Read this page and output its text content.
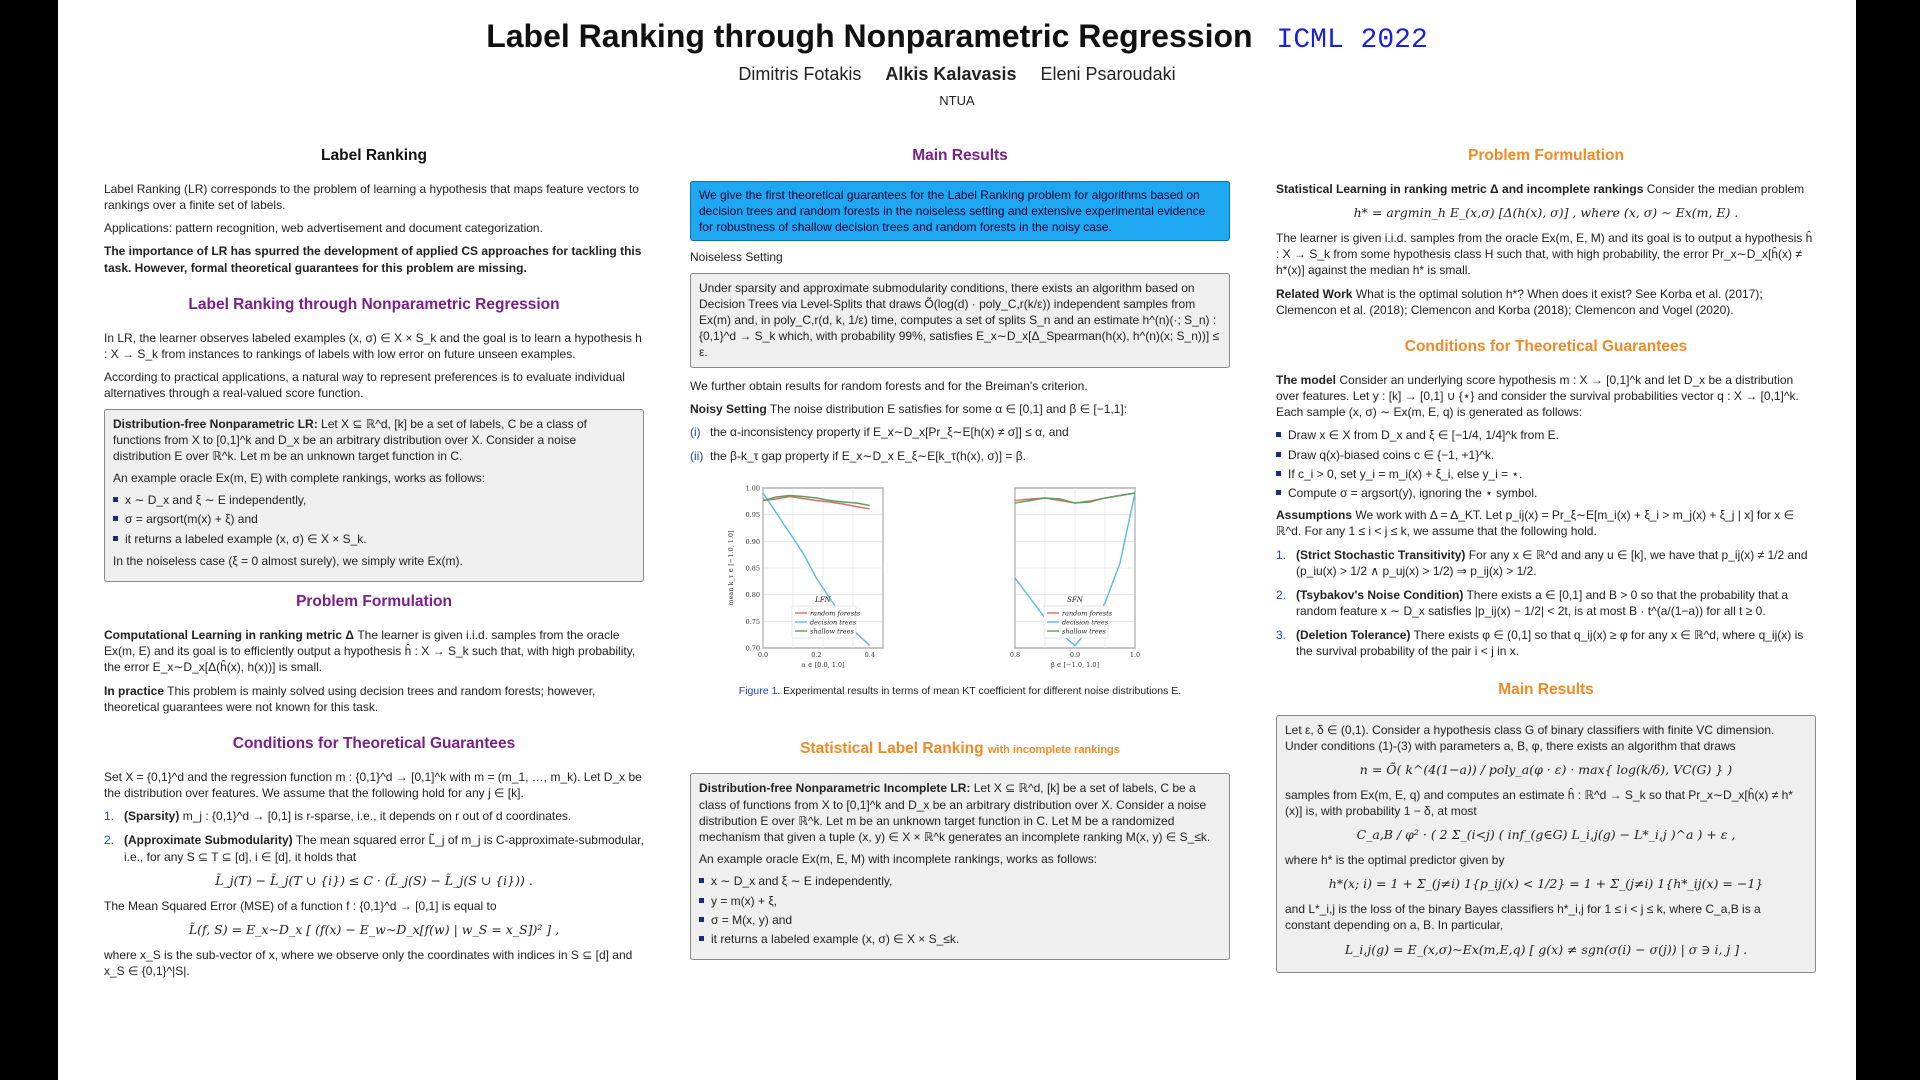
Label Ranking through Nonparametric Regression ICML 2022
Dimitris Fotakis Alkis Kalavasis Eleni Psaroudaki
NTUA
Label Ranking

Label Ranking (LR) corresponds to the problem of learning a hypothesis that maps feature vectors to rankings over a finite set of labels.

Applications: pattern recognition, web advertisement and document categorization.

The importance of LR has spurred the development of applied CS approaches for tackling this task. However, formal theoretical guarantees for this problem are missing.

Label Ranking through Nonparametric Regression

In LR, the learner observes labeled examples (x, σ) ∈ X × S_k and the goal is to learn a hypothesis h : X → S_k from instances to rankings of labels with low error on future unseen examples.

According to practical applications, a natural way to represent preferences is to evaluate individual alternatives through a real-valued score function.

Distribution-free Nonparametric LR: Let X ⊆ ℝ^d, [k] be a set of labels, C be a class of functions from X to [0,1]^k and D_x be an arbitrary distribution over X. Consider a noise distribution E over ℝ^k. Let m be an unknown target function in C.

An example oracle Ex(m, E) with complete rankings, works as follows:

x ∼ D_x and ξ ∼ E independently,
σ = argsort(m(x) + ξ) and
it returns a labeled example (x, σ) ∈ X × S_k.

In the noiseless case (ξ = 0 almost surely), we simply write Ex(m).

Problem Formulation

Computational Learning in ranking metric Δ The learner is given i.i.d. samples from the oracle Ex(m, E) and its goal is to efficiently output a hypothesis ĥ : X → S_k such that, with high probability, the error E_x∼D_x[Δ(ĥ(x), h(x))] is small.

In practice This problem is mainly solved using decision trees and random forests; however, theoretical guarantees were not known for this task.

Conditions for Theoretical Guarantees

Set X = {0,1}^d and the regression function m : {0,1}^d → [0,1]^k with m = (m_1, …, m_k). Let D_x be the distribution over features. We assume that the following hold for any j ∈ [k].

1. (Sparsity) m_j : {0,1}^d → [0,1] is r-sparse, i.e., it depends on r out of d coordinates.
2. (Approximate Submodularity) The mean squared error L̃_j of m_j is C-approximate-submodular, i.e., for any S ⊆ T ⊆ [d], i ∈ [d], it holds that
L̃_j(T) − L̃_j(T ∪ {i}) ≤ C · (L̃_j(S) − L̃_j(S ∪ {i})) .

The Mean Squared Error (MSE) of a function f : {0,1}^d → [0,1] is equal to

L̃(f, S) = E_x∼D_x [ (f(x) − E_w∼D_x[f(w) | w_S = x_S])² ] ,

where x_S is the sub-vector of x, where we observe only the coordinates with indices in S ⊆ [d] and x_S ∈ {0,1}^|S|.

Main Results
We give the first theoretical guarantees for the Label Ranking problem for algorithms based on decision trees and random forests in the noiseless setting and extensive experimental evidence for robustness of shallow decision trees and random forests in the noisy case.

Noiseless Setting

Under sparsity and approximate submodularity conditions, there exists an algorithm based on Decision Trees via Level-Splits that draws Õ(log(d) · poly_C,r(k/ε)) independent samples from Ex(m) and, in poly_C,r(d, k, 1/ε) time, computes a set of splits S_n and an estimate h^(n)(·; S_n) : {0,1}^d → S_k which, with probability 99%, satisfies E_x∼D_x[Δ_Spearman(h(x), h^(n)(x; S_n))] ≤ ε.

We further obtain results for random forests and for the Breiman's criterion.

Noisy Setting The noise distribution E satisfies for some α ∈ [0,1] and β ∈ [−1,1]:

(i) the α-inconsistency property if E_x∼D_x[Pr_ξ∼E[h(x) ≠ σ]] ≤ α, and
(ii) the β-k_τ gap property if E_x∼D_x E_ξ∼E[k_τ(h(x), σ)] = β.
1.00
0.95
0.90
0.85
0.80
0.75
0.70
0.0	0.2	0.4
α ∈ [0.0, 1.0]
mean k_τ ∈ [−1.0, 1.0]	LFN
random forests
decision trees
shallow trees
0.8	0.9	1.0
β ∈ [−1.0, 1.0]
SFN
random forests
decision trees
shallow trees
Figure 1. Experimental results in terms of mean KT coefficient for different noise distributions E.
Statistical Label Ranking with incomplete rankings

Distribution-free Nonparametric Incomplete LR: Let X ⊆ ℝ^d, [k] be a set of labels, C be a class of functions from X to [0,1]^k and D_x be an arbitrary distribution over X. Consider a noise distribution E over ℝ^k. Let m be an unknown target function in C. Let M be a randomized mechanism that given a tuple (x, y) ∈ X × ℝ^k generates an incomplete ranking M(x, y) ∈ S_≤k.

An example oracle Ex(m, E, M) with incomplete rankings, works as follows:

x ∼ D_x and ξ ∼ E independently,
y = m(x) + ξ,
σ = M(x, y) and
it returns a labeled example (x, σ) ∈ X × S_≤k.
Problem Formulation

Statistical Learning in ranking metric Δ and incomplete rankings Consider the median problem

h* = argmin_h E_(x,σ) [Δ(h(x), σ)] , where (x, σ) ∼ Ex(m, E) .

The learner is given i.i.d. samples from the oracle Ex(m, E, M) and its goal is to output a hypothesis ĥ : X → S_k from some hypothesis class H such that, with high probability, the error Pr_x∼D_x[ĥ(x) ≠ h*(x)] against the median h* is small.

Related Work What is the optimal solution h*? When does it exist? See Korba et al. (2017); Clemencon et al. (2018); Clemencon and Korba (2018); Clemencon and Vogel (2020).

Conditions for Theoretical Guarantees

The model Consider an underlying score hypothesis m : X → [0,1]^k and let D_x be a distribution over features. Let y : [k] → [0,1] ∪ {⋆} and consider the survival probabilities vector q : X → [0,1]^k. Each sample (x, σ) ∼ Ex(m, E, q) is generated as follows:

Draw x ∈ X from D_x and ξ ∈ [−1/4, 1/4]^k from E.
Draw q(x)-biased coins c ∈ {−1, +1}^k.
If c_i > 0, set y_i = m_i(x) + ξ_i, else y_i = ⋆.
Compute σ = argsort(y), ignoring the ⋆ symbol.

Assumptions We work with Δ = Δ_KT. Let p_ij(x) = Pr_ξ∼E[m_i(x) + ξ_i > m_j(x) + ξ_j | x] for x ∈ ℝ^d. For any 1 ≤ i < j ≤ k, we assume that the following hold.

1. (Strict Stochastic Transitivity) For any x ∈ ℝ^d and any u ∈ [k], we have that p_ij(x) ≠ 1/2 and (p_iu(x) > 1/2 ∧ p_uj(x) > 1/2) ⇒ p_ij(x) > 1/2.
2. (Tsybakov's Noise Condition) There exists a ∈ [0,1] and B > 0 so that the probability that a random feature x ∼ D_x satisfies |p_ij(x) − 1/2| < 2t, is at most B · t^(a/(1−a)) for all t ≥ 0.
3. (Deletion Tolerance) There exists φ ∈ (0,1] so that q_ij(x) ≥ φ for any x ∈ ℝ^d, where q_ij(x) is the survival probability of the pair i < j in x.
Main Results

Let ε, δ ∈ (0,1). Consider a hypothesis class G of binary classifiers with finite VC dimension. Under conditions (1)-(3) with parameters a, B, φ, there exists an algorithm that draws

n = Õ( k^(4(1−a)) / poly_a(φ · ε) · max{ log(k/δ), VC(G) } )

samples from Ex(m, E, q) and computes an estimate ĥ : ℝ^d → S_k so that Pr_x∼D_x[ĥ(x) ≠ h*(x)] is, with probability 1 − δ, at most

C_a,B / φ² · ( 2 Σ_(i<j) ( inf_(g∈G) L_i,j(g) − L*_i,j )^a ) + ε ,

where h* is the optimal predictor given by

h*(x; i) = 1 + Σ_(j≠i) 1{p_ij(x) < 1/2} = 1 + Σ_(j≠i) 1{h*_ij(x) = −1}

and L*_i,j is the loss of the binary Bayes classifiers h*_i,j for 1 ≤ i < j ≤ k, where C_a,B is a constant depending on a, B. In particular,

L_i,j(g) = E_(x,σ)∼Ex(m,E,q) [ g(x) ≠ sgn(σ(i) − σ(j)) | σ ∋ i, j ] .
